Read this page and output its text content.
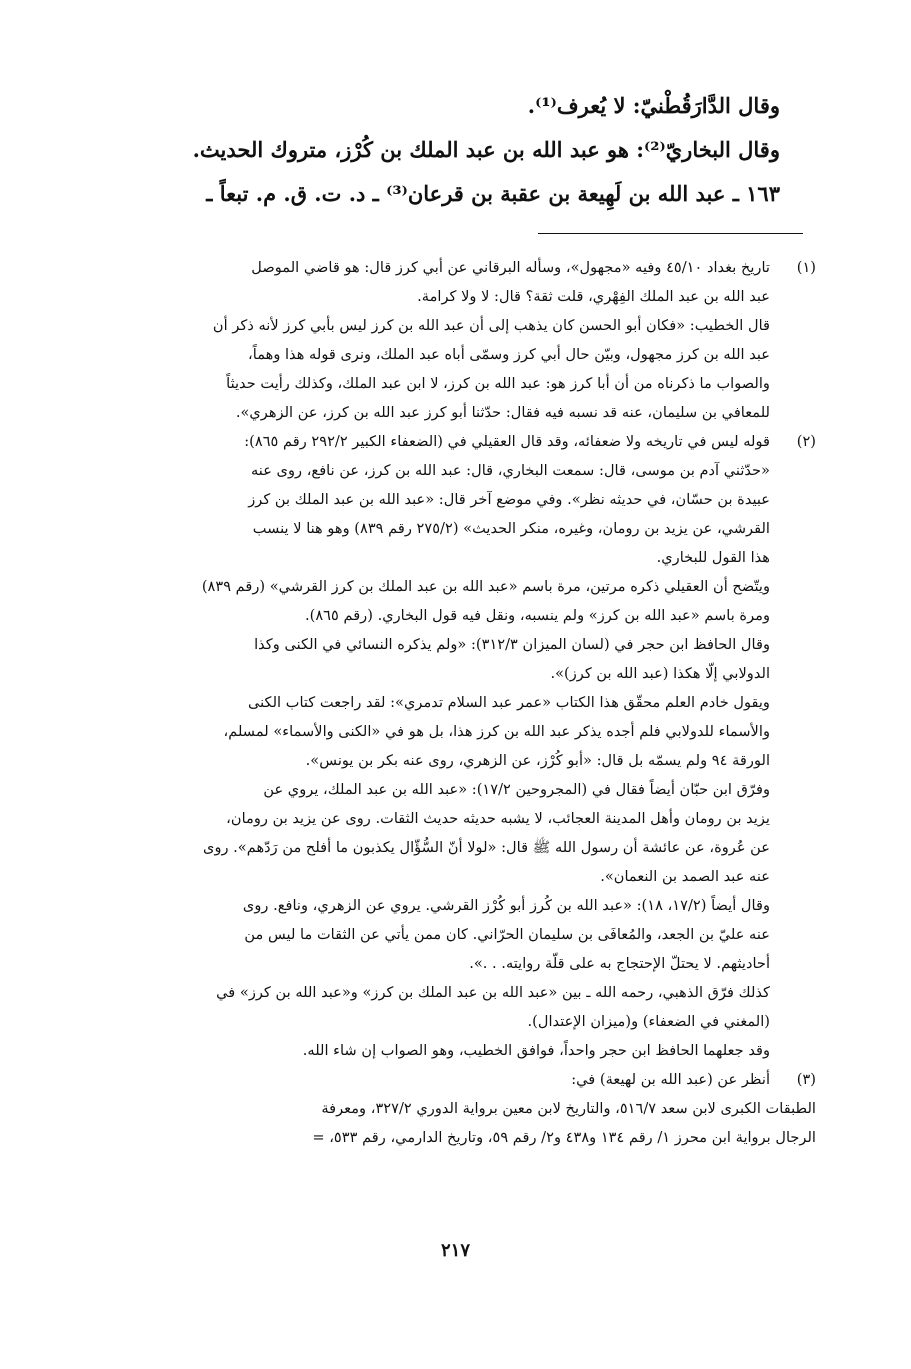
وقال الدَّارَقُطْنيّ: لا يُعرف⁽¹⁾.
وقال البخاريّ⁽²⁾: هو عبد الله بن عبد الملك بن كُرْز، متروك الحديث.
١٦٣ ـ عبد الله بن لَهِيعة بن عقبة بن قرعان⁽³⁾ ـ د. ت. ق. م. تبعاً ـ
(١)
تاريخ بغداد ٤٥/١٠ وفيه «مجهول»، وسأله البرقاني عن أبي كرز قال: هو قاضي الموصل
عبد الله بن عبد الملك الفِهْري، قلت ثقة؟ قال: لا ولا كرامة.
قال الخطيب: «فكان أبو الحسن كان يذهب إلى أن عبد الله بن كرز ليس بأبي كرز لأنه ذكر أن
عبد الله بن كرز مجهول، وبيّن حال أبي كرز وسمّى أباه عبد الملك، ونرى قوله هذا وهماً،
والصواب ما ذكرناه من أن أبا كرز هو: عبد الله بن كرز، لا ابن عبد الملك، وكذلك رأيت حديثاً
للمعافي بن سليمان، عنه قد نسبه فيه فقال: حدّثنا أبو كرز عبد الله بن كرز، عن الزهري».
(٢)
قوله ليس في تاريخه ولا ضعفائه، وقد قال العقيلي في (الضعفاء الكبير ٢٩٢/٢ رقم ٨٦٥):
«حدّثني آدم بن موسى، قال: سمعت البخاري، قال: عبد الله بن كرز، عن نافع، روى عنه
عبيدة بن حسّان، في حديثه نظر». وفي موضع آخر قال: «عبد الله بن عبد الملك بن كرز
القرشي، عن يزيد بن رومان، وغيره، منكر الحديث» (٢٧٥/٢ رقم ٨٣٩) وهو هنا لا ينسب
هذا القول للبخاري.
ويتّضح أن العقيلي ذكره مرتين، مرة باسم «عبد الله بن عبد الملك بن كرز القرشي» (رقم ٨٣٩)
ومرة باسم «عبد الله بن كرز» ولم ينسبه، ونقل فيه قول البخاري. (رقم ٨٦٥).
وقال الحافظ ابن حجر في (لسان الميزان ٣١٢/٣): «ولم يذكره النسائي في الكنى وكذا
الدولابي إلّا هكذا (عبد الله بن كرز)».
ويقول خادم العلم محقّق هذا الكتاب «عمر عبد السلام تدمري»: لقد راجعت كتاب الكنى
والأسماء للدولابي فلم أجده يذكر عبد الله بن كرز هذا، بل هو في «الكنى والأسماء» لمسلم،
الورقة ٩٤ ولم يسمّه بل قال: «أبو كُرْز، عن الزهري، روى عنه بكر بن يونس».
وفرّق ابن حبّان أيضاً فقال في (المجروحين ١٧/٢): «عبد الله بن عبد الملك، يروي عن
يزيد بن رومان وأهل المدينة العجائب، لا يشبه حديثه حديث الثقات. روى عن يزيد بن رومان،
عن عُروة، عن عائشة أن رسول الله ﷺ قال: «لولا أنّ السُّؤّال يكذبون ما أفلح من رَدّهم». روى
عنه عبد الصمد بن النعمان».
وقال أيضاً (١٧/٢، ١٨): «عبد الله بن كُرز أبو كُرْز القرشي. يروي عن الزهري، ونافع. روى
عنه عليّ بن الجعد، والمُعافَى بن سليمان الحرّاني. كان ممن يأتي عن الثقات ما ليس من
أحاديثهم. لا يحتلّ الإحتجاج به على قلّة روايته. . .».
كذلك فرّق الذهبي، رحمه الله ـ بين «عبد الله بن عبد الملك بن كرز» و«عبد الله بن كرز» في
(المغني في الضعفاء) و(ميزان الإعتدال).
وقد جعلهما الحافظ ابن حجر واحداً، فوافق الخطيب، وهو الصواب إن شاء الله.
(٣)
أنظر عن (عبد الله بن لهيعة) في:
الطبقات الكبرى لابن سعد ٥١٦/٧، والتاريخ لابن معين برواية الدوري ٣٢٧/٢، ومعرفة
الرجال برواية ابن محرز ١/ رقم ١٣٤ و٤٣٨ و٢/ رقم ٥٩، وتاريخ الدارمي، رقم ٥٣٣، =
٢١٧
